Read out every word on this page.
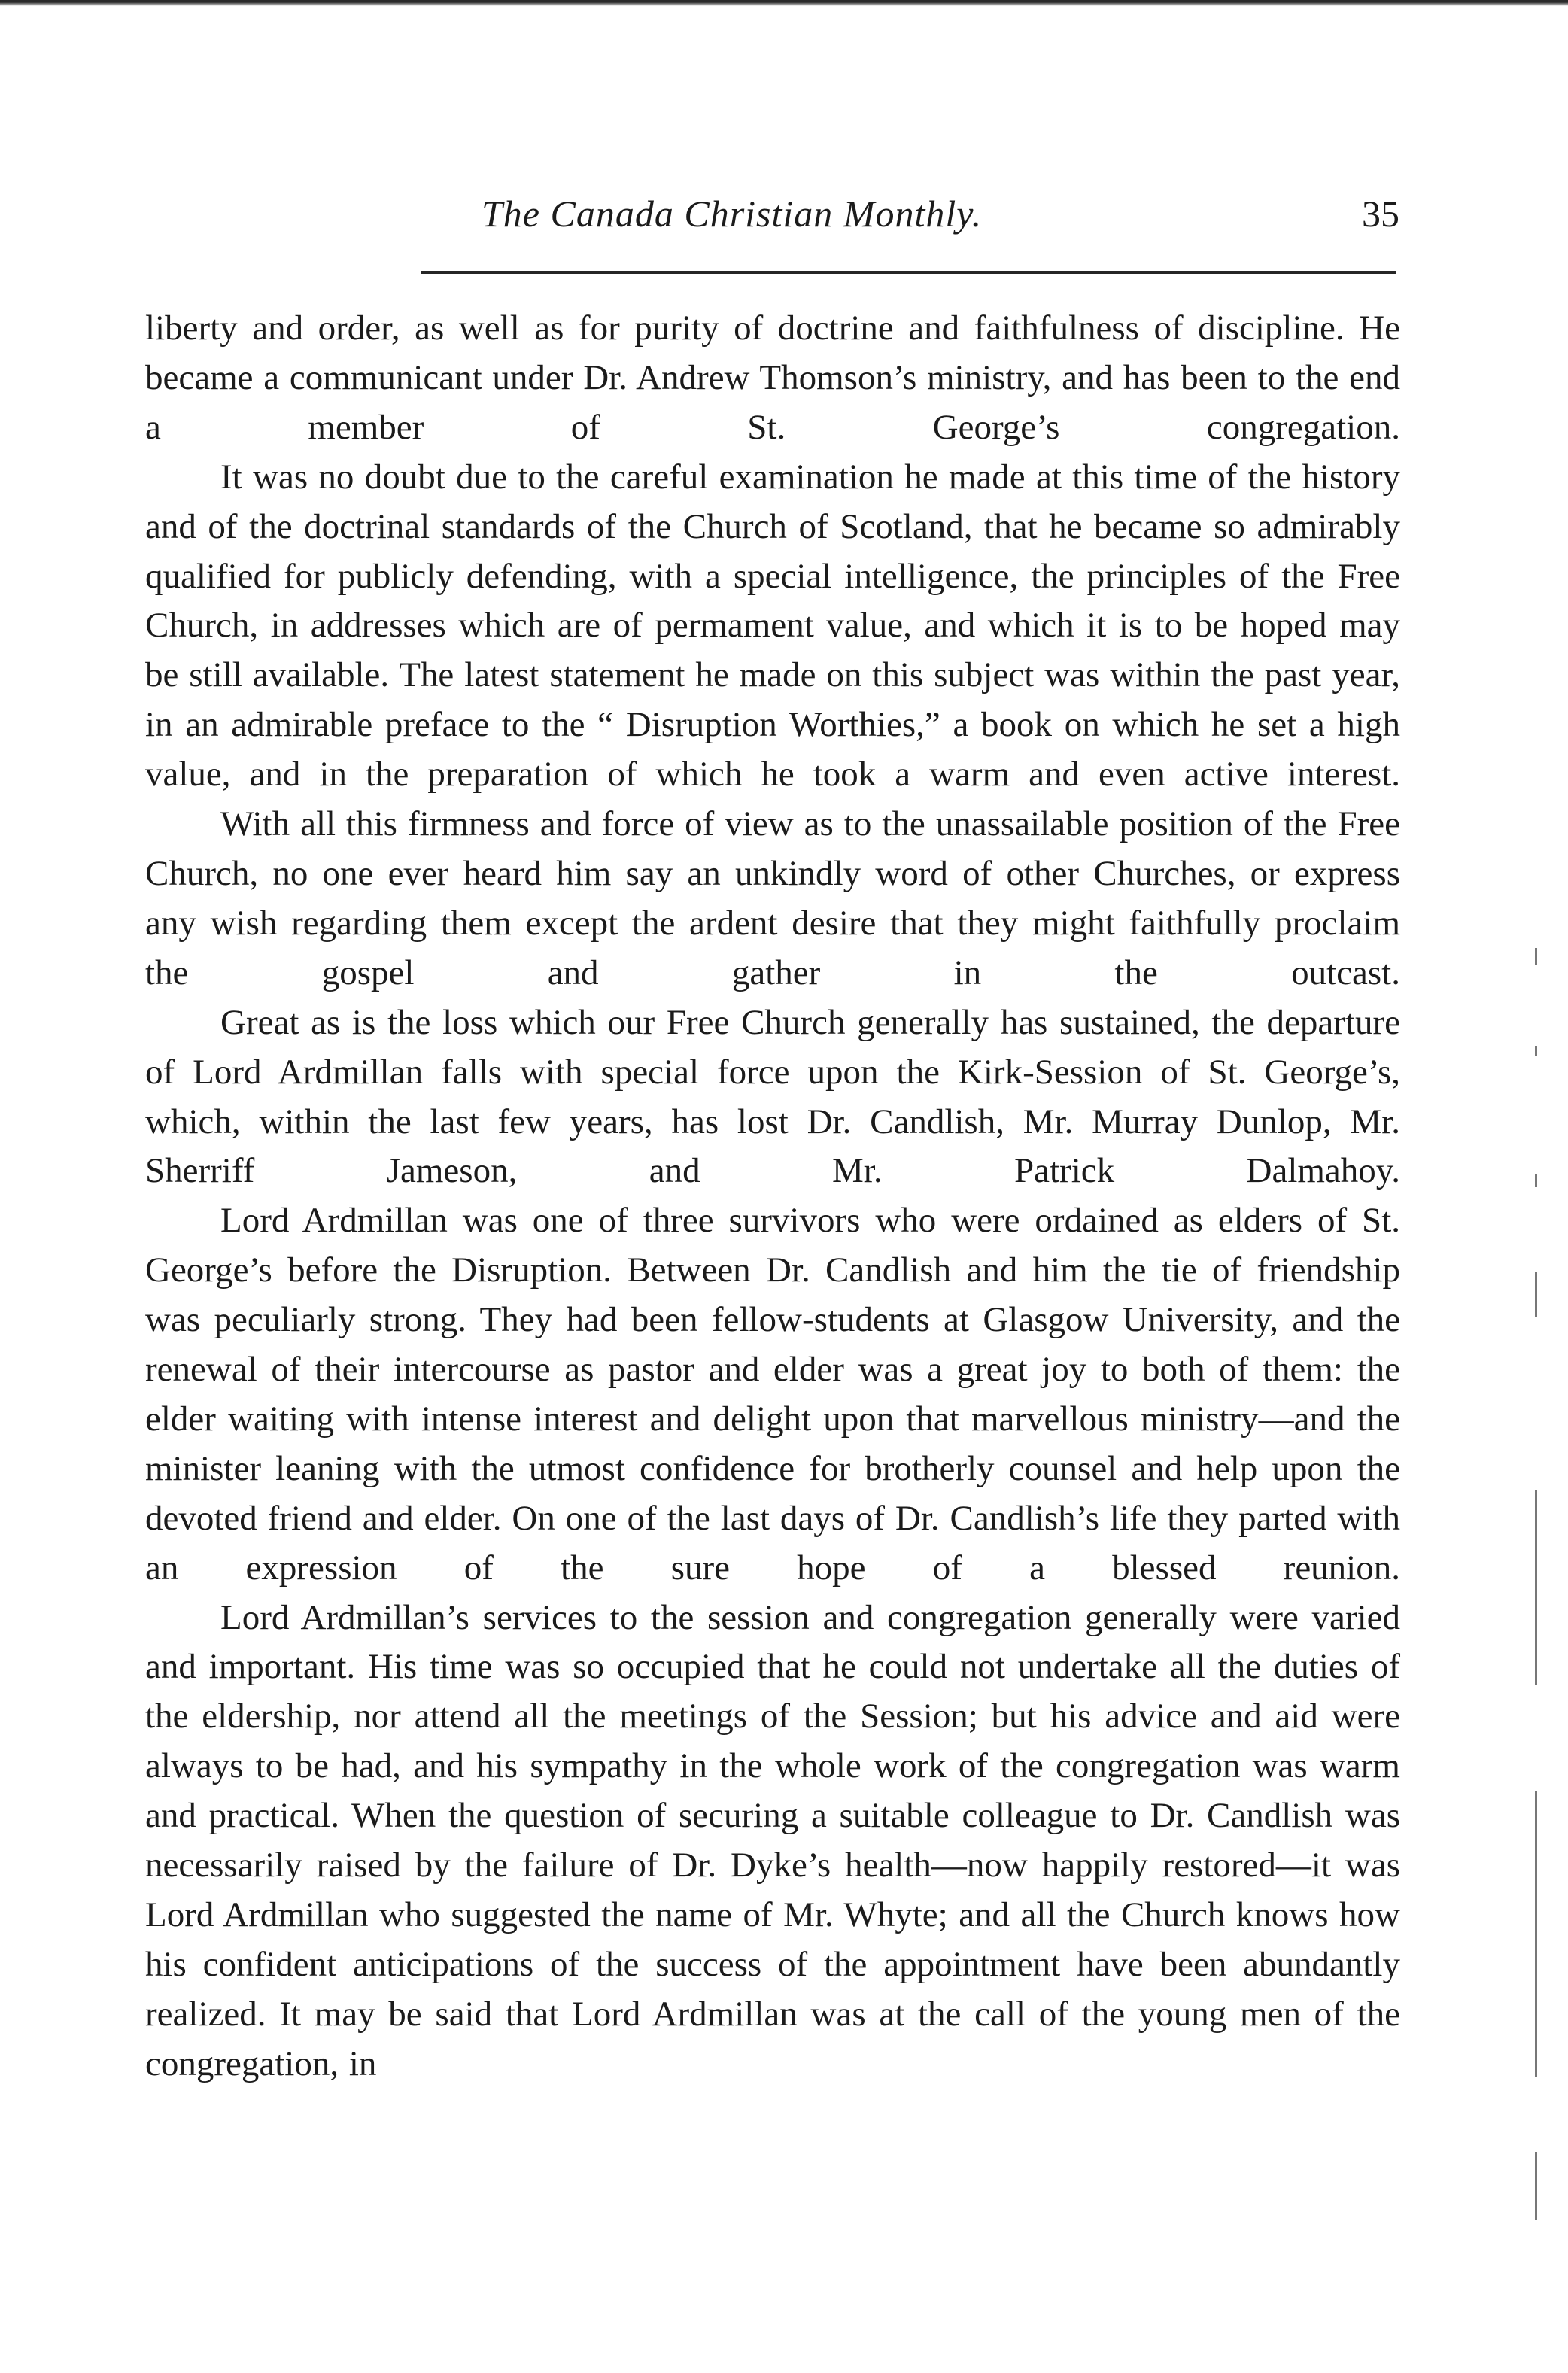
The Canada Christian Monthly.	35

liberty and order, as well as for purity of doctrine and faithfulness of discipline. He became a communicant under Dr. Andrew Thomson’s ministry, and has been to the end a member of St. George’s congregation.

It was no doubt due to the careful examination he made at this time of the history and of the doctrinal standards of the Church of Scotland, that he became so admirably qualified for publicly defending, with a special intelligence, the principles of the Free Church, in addresses which are of permament value, and which it is to be hoped may be still available. The latest statement he made on this subject was within the past year, in an admirable preface to the “ Disruption Worthies,” a book on which he set a high value, and in the preparation of which he took a warm and even active interest.

With all this firmness and force of view as to the unassailable position of the Free Church, no one ever heard him say an unkindly word of other Churches, or express any wish regarding them except the ardent desire that they might faithfully proclaim the gospel and gather in the outcast.

Great as is the loss which our Free Church generally has sustained, the departure of Lord Ardmillan falls with special force upon the Kirk-Session of St. George’s, which, within the last few years, has lost Dr. Candlish, Mr. Murray Dunlop, Mr. Sherriff Jameson, and Mr. Patrick Dalmahoy.

Lord Ardmillan was one of three survivors who were ordained as elders of St. George’s before the Disruption. Between Dr. Candlish and him the tie of friendship was peculiarly strong. They had been fellow-students at Glasgow University, and the renewal of their intercourse as pastor and elder was a great joy to both of them: the elder waiting with intense interest and delight upon that marvellous ministry—and the minister leaning with the utmost confidence for brotherly counsel and help upon the devoted friend and elder. On one of the last days of Dr. Candlish’s life they parted with an expression of the sure hope of a blessed reunion.

Lord Ardmillan’s services to the session and congregation generally were varied and important. His time was so occupied that he could not undertake all the duties of the eldership, nor attend all the meetings of the Session; but his advice and aid were always to be had, and his sympathy in the whole work of the congregation was warm and practical. When the question of securing a suitable colleague to Dr. Candlish was necessarily raised by the failure of Dr. Dyke’s health—now happily restored—it was Lord Ardmillan who suggested the name of Mr. Whyte; and all the Church knows how his confident anticipations of the success of the appointment have been abundantly realized. It may be said that Lord Ardmillan was at the call of the young men of the congregation, in
